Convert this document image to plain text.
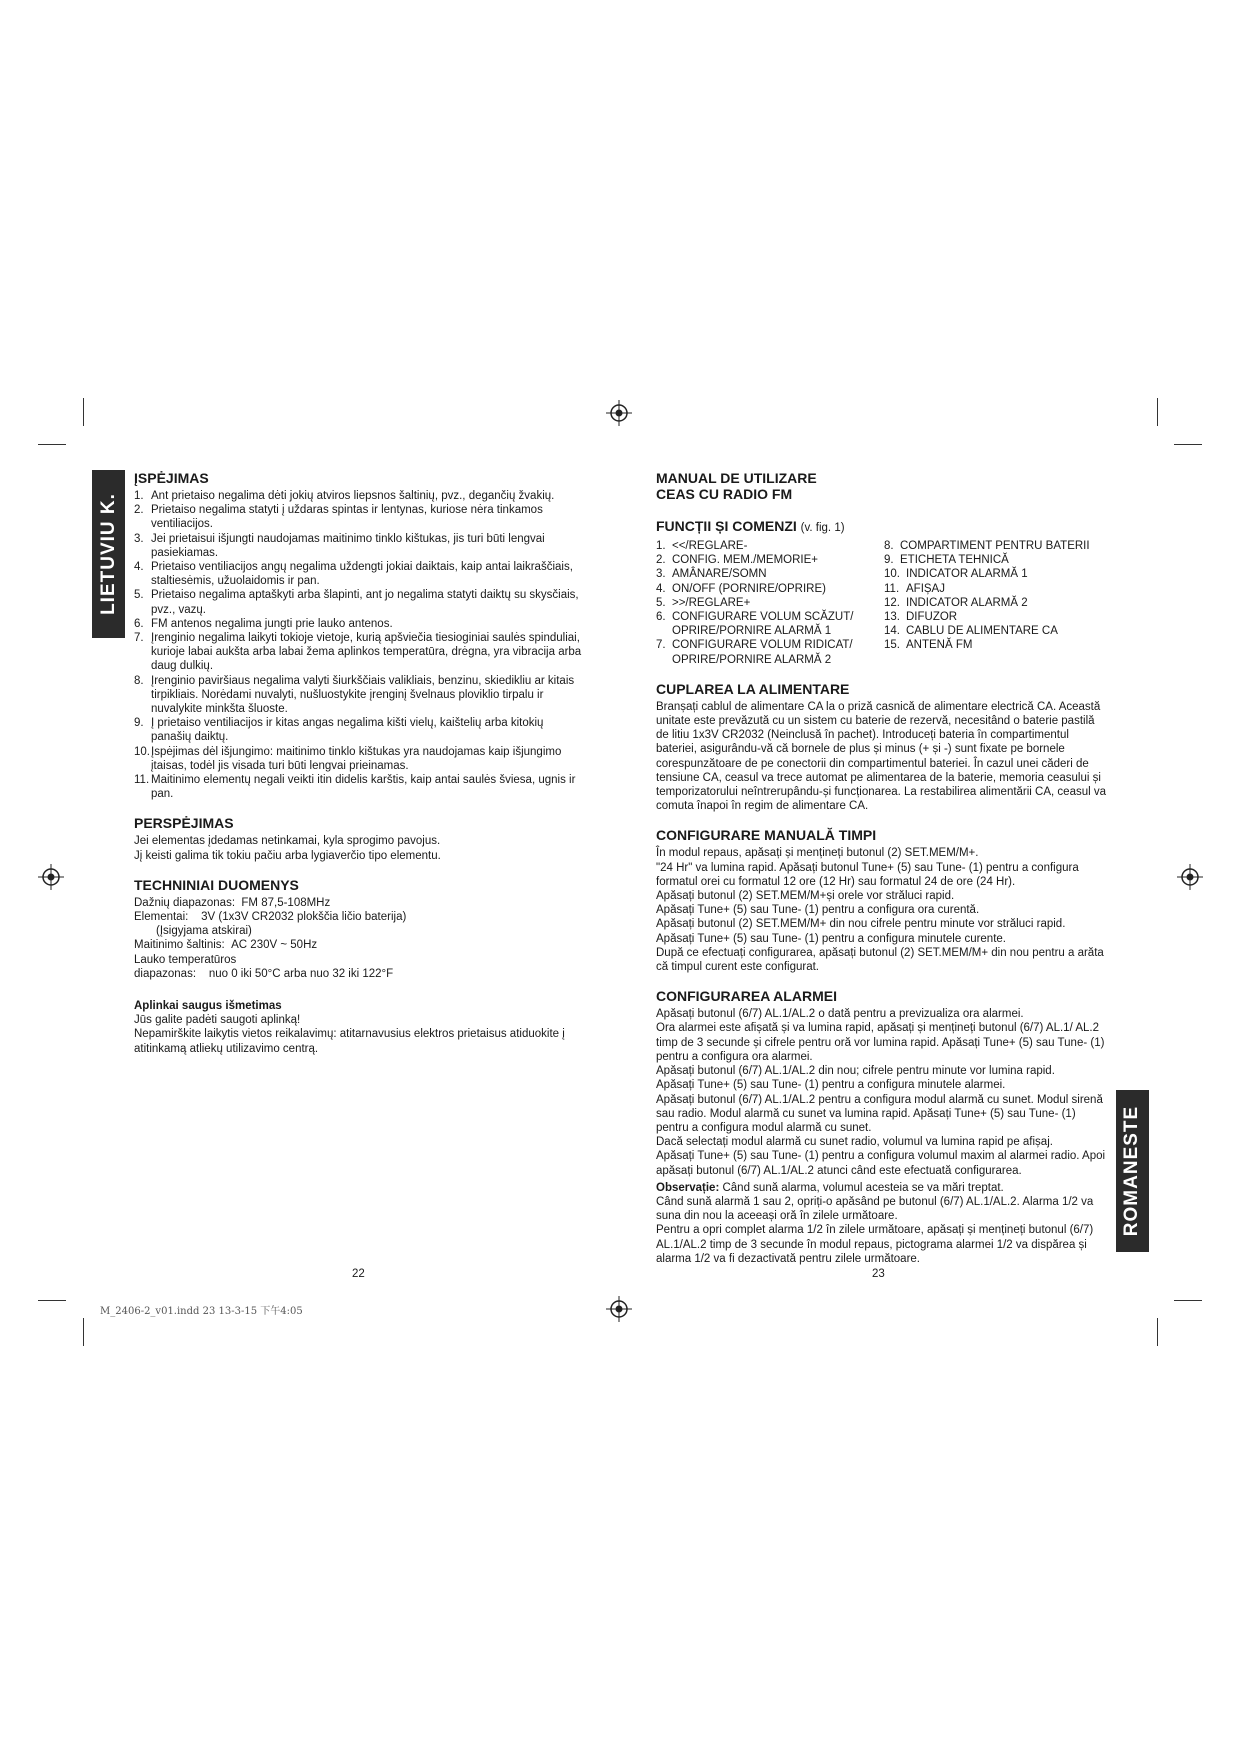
LIETUVIU K.
ROMANESTE
ĮSPĖJIMAS
1. Ant prietaiso negalima dėti jokių atviros liepsnos šaltinių, pvz., degančių žvakių.
2. Prietaiso negalima statyti į uždaras spintas ir lentynas, kuriose nėra tinkamos ventiliacijos.
3. Jei prietaisui išjungti naudojamas maitinimo tinklo kištukas, jis turi būti lengvai pasiekiamas.
4. Prietaiso ventiliacijos angų negalima uždengti jokiai daiktais, kaip antai laikraščiais, staltiesėmis, užuolaidomis ir pan.
5. Prietaiso negalima aptaškyti arba šlapinti, ant jo negalima statyti daiktų su skysčiais, pvz., vazų.
6. FM antenos negalima jungti prie lauko antenos.
7. Įrenginio negalima laikyti tokioje vietoje, kurią apšviečia tiesioginiai saulės spinduliai, kurioje labai aukšta arba labai žema aplinkos temperatūra, drėgna, yra vibracija arba daug dulkių.
8. Įrenginio paviršiaus negalima valyti šiurkščiais valikliais, benzinu, skiedikliu ar kitais tirpikliais. Norėdami nuvalyti, nušluostykite įrenginį švelnaus ploviklio tirpalu ir nuvalykite minkšta šluoste.
9. Į prietaiso ventiliacijos ir kitas angas negalima kišti vielų, kaištelių arba kitokių panašių daiktų.
10. Įspėjimas dėl išjungimo: maitinimo tinklo kištukas yra naudojamas kaip išjungimo įtaisas, todėl jis visada turi būti lengvai prieinamas.
11. Maitinimo elementų negali veikti itin didelis karštis, kaip antai saulės šviesa, ugnis ir pan.
PERSPĖJIMAS

Jei elementas įdedamas netinkamai, kyla sprogimo pavojus.

Jį keisti galima tik tokiu pačiu arba lygiaverčio tipo elementu.

TECHNINIAI DUOMENYS

Dažnių diapazonas: FM 87,5-108MHz

Elementai: 3V (1x3V CR2032 plokščia ličio baterija)

(Įsigyjama atskirai)

Maitinimo šaltinis: AC 230V ~ 50Hz

Lauko temperatūros

diapazonas: nuo 0 iki 50°C arba nuo 32 iki 122°F

Aplinkai saugus išmetimas

Jūs galite padėti saugoti aplinką!

Nepamirškite laikytis vietos reikalavimų: atitarnavusius elektros prietaisus atiduokite į atitinkamą atliekų utilizavimo centrą.

22
MANUAL DE UTILIZARE
CEAS CU RADIO FM
FUNCȚII ȘI COMENZI (v. fig. 1)
1. <</REGLARE-
2. CONFIG. MEM./MEMORIE+
3. AMÂNARE/SOMN
4. ON/OFF (PORNIRE/OPRIRE)
5. >>/REGLARE+
6. CONFIGURARE VOLUM SCĂZUT/ OPRIRE/PORNIRE ALARMĂ 1
7. CONFIGURARE VOLUM RIDICAT/ OPRIRE/PORNIRE ALARMĂ 2
8. COMPARTIMENT PENTRU BATERII
9. ETICHETA TEHNICĂ
10. INDICATOR ALARMĂ 1
11. AFIȘAJ
12. INDICATOR ALARMĂ 2
13. DIFUZOR
14. CABLU DE ALIMENTARE CA
15. ANTENĂ FM
CUPLAREA LA ALIMENTARE

Branșați cablul de alimentare CA la o priză casnică de alimentare electrică CA. Această unitate este prevăzută cu un sistem cu baterie de rezervă, necesitând o baterie pastilă de litiu 1x3V CR2032 (Neinclusă în pachet). Introduceți bateria în compartimentul bateriei, asigurându-vă că bornele de plus și minus (+ și -) sunt fixate pe bornele corespunzătoare de pe conectorii din compartimentul bateriei. În cazul unei căderi de tensiune CA, ceasul va trece automat pe alimentarea de la baterie, memoria ceasului și temporizatorului neîntrerupându-și funcționarea. La restabilirea alimentării CA, ceasul va comuta înapoi în regim de alimentare CA.

CONFIGURARE MANUALĂ TIMPI

În modul repaus, apăsați și mențineți butonul (2) SET.MEM/M+.

"24 Hr" va lumina rapid. Apăsați butonul Tune+ (5) sau Tune- (1) pentru a configura formatul orei cu formatul 12 ore (12 Hr) sau formatul 24 de ore (24 Hr).

Apăsați butonul (2) SET.MEM/M+și orele vor străluci rapid.

Apăsați Tune+ (5) sau Tune- (1) pentru a configura ora curentă.

Apăsați butonul (2) SET.MEM/M+ din nou cifrele pentru minute vor străluci rapid.

Apăsați Tune+ (5) sau Tune- (1) pentru a configura minutele curente.

După ce efectuați configurarea, apăsați butonul (2) SET.MEM/M+ din nou pentru a arăta că timpul curent este configurat.

CONFIGURAREA ALARMEI

Apăsați butonul (6/7) AL.1/AL.2 o dată pentru a previzualiza ora alarmei.

Ora alarmei este afișată și va lumina rapid, apăsați și mențineți butonul (6/7) AL.1/ AL.2 timp de 3 secunde și cifrele pentru oră vor lumina rapid. Apăsați Tune+ (5) sau Tune- (1) pentru a configura ora alarmei.

Apăsați butonul (6/7) AL.1/AL.2 din nou; cifrele pentru minute vor lumina rapid.

Apăsați Tune+ (5) sau Tune- (1) pentru a configura minutele alarmei.

Apăsați butonul (6/7) AL.1/AL.2 pentru a configura modul alarmă cu sunet. Modul sirenă sau radio. Modul alarmă cu sunet va lumina rapid. Apăsați Tune+ (5) sau Tune- (1) pentru a configura modul alarmă cu sunet.

Dacă selectați modul alarmă cu sunet radio, volumul va lumina rapid pe afișaj.

Apăsați Tune+ (5) sau Tune- (1) pentru a configura volumul maxim al alarmei radio. Apoi apăsați butonul (6/7) AL.1/AL.2 atunci când este efectuată configurarea.

Observație: Când sună alarma, volumul acesteia se va mări treptat.

Când sună alarmă 1 sau 2, opriți-o apăsând pe butonul (6/7) AL.1/AL.2. Alarma 1/2 va suna din nou la aceeași oră în zilele următoare.

Pentru a opri complet alarma 1/2 în zilele următoare, apăsați și mențineți butonul (6/7) AL.1/AL.2 timp de 3 secunde în modul repaus, pictograma alarmei 1/2 va dispărea și alarma 1/2 va fi dezactivată pentru zilele următoare.

23
M_2406-2_v01.indd 23 13-3-15 下午4:05
